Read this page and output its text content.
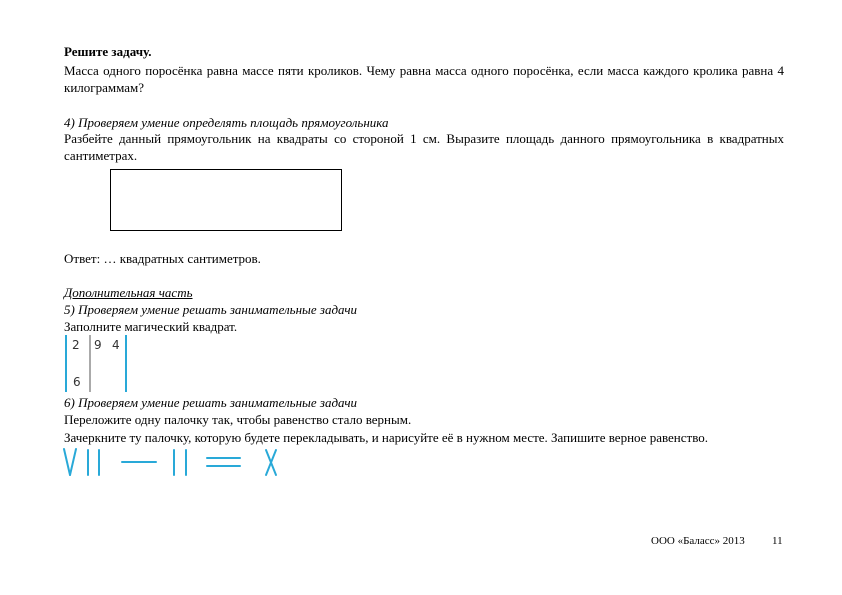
Решите задачу.
Масса одного поросёнка равна массе пяти кроликов. Чему равна масса одного поросёнка, если масса каждого кролика равна 4 килограммам?
4) Проверяем умение определять площадь прямоугольника
Разбейте данный прямоугольник на квадраты со стороной 1 см. Выразите площадь данного прямоугольника в квадратных сантиметрах.
Ответ: … квадратных сантиметров.
Дополнительная часть
5) Проверяем умение решать занимательные задачи
Заполните магический квадрат.
2 9 4
6
6) Проверяем умение решать занимательные задачи
Переложите одну палочку так, чтобы равенство стало верным.
Зачеркните ту палочку, которую будете перекладывать, и нарисуйте её в нужном месте. Запишите верное равенство.
ООО «Баласс» 2013 11
